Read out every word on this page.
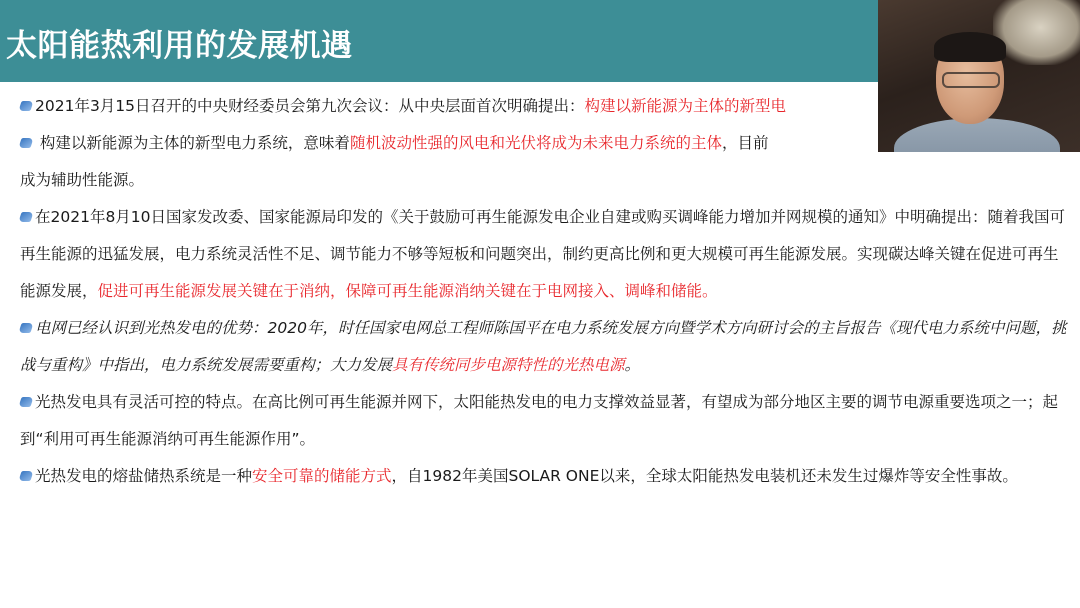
太阳能热利用的发展机遇

2021年3月15日召开的中央财经委员会第九次会议：从中央层面首次明确提出：构建以新能源为主体的新型电

构建以新能源为主体的新型电力系统，意味着随机波动性强的风电和光伏将成为未来电力系统的主体，目前
成为辅助性能源。

在2021年8月10日国家发改委、国家能源局印发的《关于鼓励可再生能源发电企业自建或购买调峰能力增加并网规模的通知》中明确提出：随着我国可再生能源的迅猛发展，电力系统灵活性不足、调节能力不够等短板和问题突出，制约更高比例和更大规模可再生能源发展。实现碳达峰关键在促进可再生能源发展，促进可再生能源发展关键在于消纳，保障可再生能源消纳关键在于电网接入、调峰和储能。

电网已经认识到光热发电的优势：2020年，时任国家电网总工程师陈国平在电力系统发展方向暨学术方向研讨会的主旨报告《现代电力系统中问题，挑战与重构》中指出，电力系统发展需要重构；大力发展具有传统同步电源特性的光热电源。

光热发电具有灵活可控的特点。在高比例可再生能源并网下，太阳能热发电的电力支撑效益显著，有望成为部分地区主要的调节电源重要选项之一；起到“利用可再生能源消纳可再生能源作用”。

光热发电的熔盐储热系统是一种安全可靠的储能方式，自1982年美国SOLAR ONE以来，全球太阳能热发电装机还未发生过爆炸等安全性事故。
